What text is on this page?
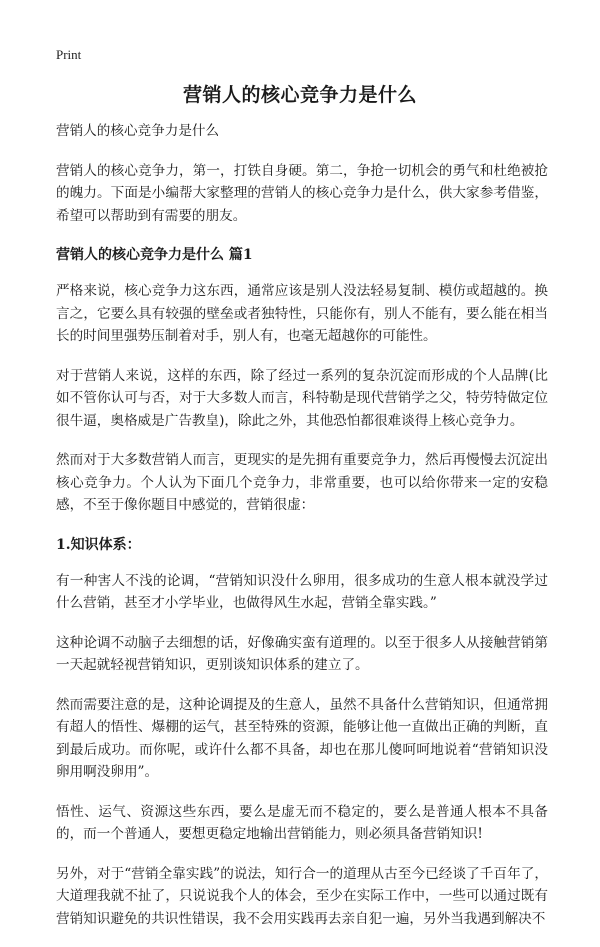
Print
营销人的核心竞争力是什么

营销人的核心竞争力是什么

营销人的核心竞争力，第一，打铁自身硬。第二，争抢一切机会的勇气和杜绝被抢的魄力。下面是小编帮大家整理的营销人的核心竞争力是什么，供大家参考借鉴，希望可以帮助到有需要的朋友。

营销人的核心竞争力是什么 篇1

严格来说，核心竞争力这东西，通常应该是别人没法轻易复制、模仿或超越的。换言之，它要么具有较强的壁垒或者独特性，只能你有，别人不能有，要么能在相当长的时间里强势压制着对手，别人有，也毫无超越你的可能性。

对于营销人来说，这样的东西，除了经过一系列的复杂沉淀而形成的个人品牌(比如不管你认可与否，对于大多数人而言，科特勒是现代营销学之父，特劳特做定位很牛逼，奥格威是广告教皇)，除此之外，其他恐怕都很难谈得上核心竞争力。

然而对于大多数营销人而言，更现实的是先拥有重要竞争力，然后再慢慢去沉淀出核心竞争力。个人认为下面几个竞争力，非常重要，也可以给你带来一定的安稳感，不至于像你题目中感觉的，营销很虚：

1.知识体系：

有一种害人不浅的论调，“营销知识没什么卵用，很多成功的生意人根本就没学过什么营销，甚至才小学毕业，也做得风生水起，营销全靠实践。”

这种论调不动脑子去细想的话，好像确实蛮有道理的。以至于很多人从接触营销第一天起就轻视营销知识，更别谈知识体系的建立了。

然而需要注意的是，这种论调提及的生意人，虽然不具备什么营销知识，但通常拥有超人的悟性、爆棚的运气，甚至特殊的资源，能够让他一直做出正确的判断，直到最后成功。而你呢，或许什么都不具备，却也在那儿傻呵呵地说着“营销知识没卵用啊没卵用”。

悟性、运气、资源这些东西，要么是虚无而不稳定的，要么是普通人根本不具备的，而一个普通人，要想更稳定地输出营销能力，则必须具备营销知识!

另外，对于“营销全靠实践”的说法，知行合一的道理从古至今已经谈了千百年了，大道理我就不扯了，只说说我个人的体会，至少在实际工作中，一些可以通过既有营销知识避免的共识性错误，我不会用实践再去亲自犯一遍，另外当我遇到解决不
